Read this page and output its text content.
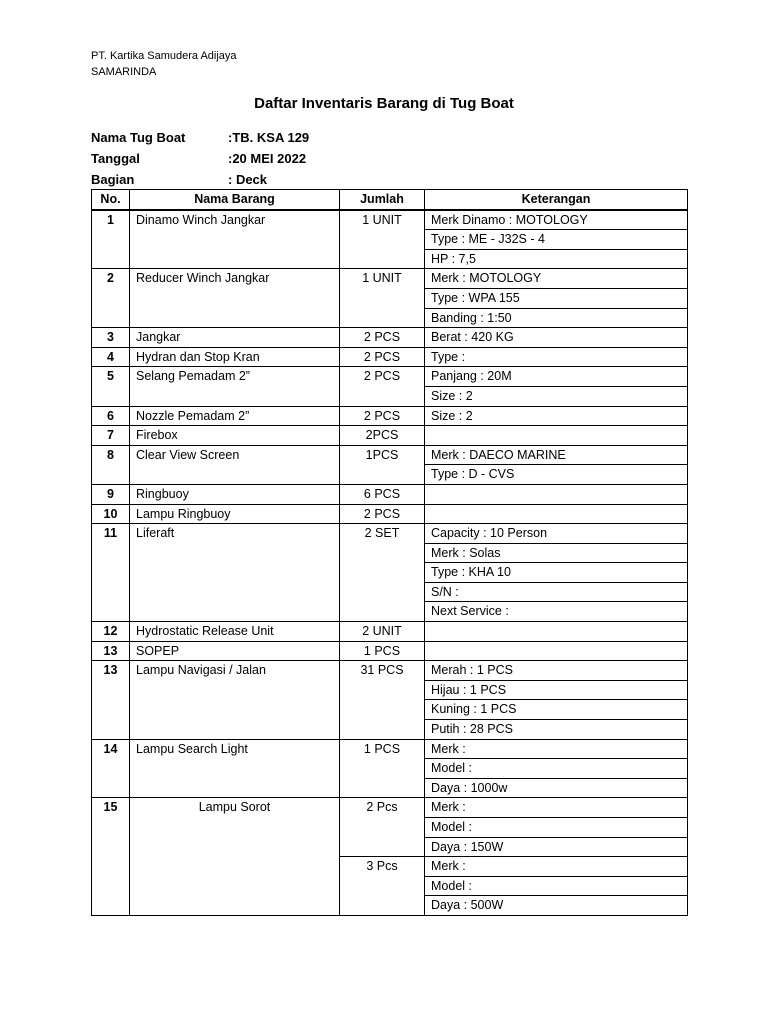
PT. Kartika Samudera Adijaya
SAMARINDA
Daftar Inventaris Barang di Tug Boat
Nama Tug Boat	:TB. KSA 129
Tanggal	:20 MEI 2022
Bagian	: Deck
No.	Nama Barang	Jumlah	Keterangan
1	Dinamo Winch Jangkar	1 UNIT	Merk Dinamo : MOTOLOGY
			Type : ME - J32S - 4
			HP : 7,5
2	Reducer Winch Jangkar	1 UNIT	Merk : MOTOLOGY
			Type : WPA 155
			Banding : 1:50
3	Jangkar	2 PCS	Berat : 420 KG
4	Hydran dan Stop Kran	2 PCS	Type :
5	Selang Pemadam 2”	2 PCS	Panjang : 20M
			Size : 2
6	Nozzle Pemadam 2”	2 PCS	Size : 2
7	Firebox	2PCS	
8	Clear View Screen	1PCS	Merk : DAECO MARINE
			Type : D - CVS
9	Ringbuoy	6 PCS	
10	Lampu Ringbuoy	2 PCS	
11	Liferaft	2 SET	Capacity : 10 Person
			Merk : Solas
			Type : KHA 10
			S/N :
			Next Service :
12	Hydrostatic Release Unit	2 UNIT	
13	SOPEP	1 PCS	
13	Lampu Navigasi / Jalan	31 PCS	Merah : 1 PCS
			Hijau : 1 PCS
			Kuning : 1 PCS
			Putih : 28 PCS
14	Lampu Search Light	1 PCS	Merk :
			Model :
			Daya : 1000w
15	Lampu Sorot	2 Pcs	Merk :
			Model :
			Daya : 150W
		3 Pcs	Merk :
			Model :
			Daya : 500W
